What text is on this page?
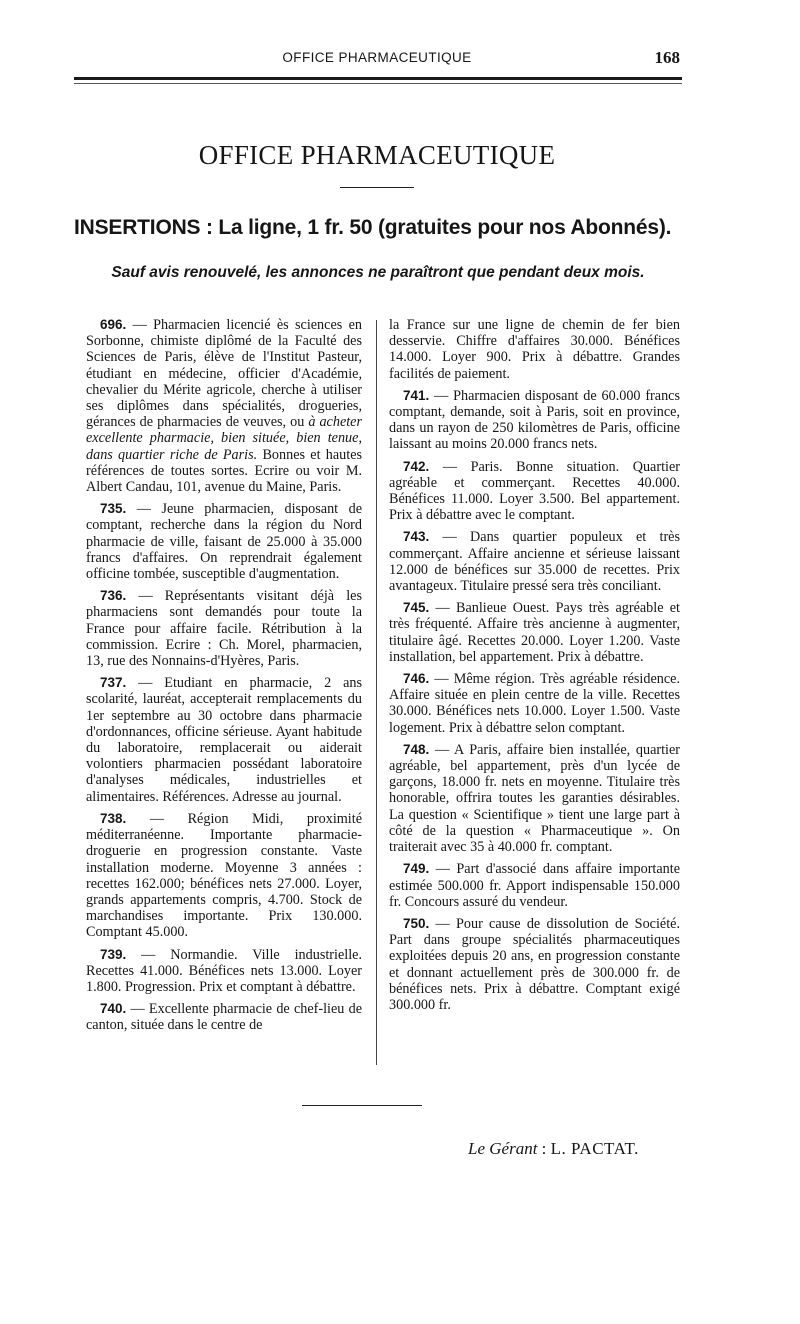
OFFICE PHARMACEUTIQUE	168
OFFICE PHARMACEUTIQUE
INSERTIONS : La ligne, 1 fr. 50 (gratuites pour nos Abonnés).
Sauf avis renouvelé, les annonces ne paraîtront que pendant deux mois.

696. — Pharmacien licencié ès sciences en Sorbonne, chimiste diplômé de la Faculté des Sciences de Paris, élève de l'Institut Pasteur, étudiant en médecine, officier d'Académie, chevalier du Mérite agricole, cherche à utiliser ses diplômes dans spécialités, drogueries, gérances de pharmacies de veuves, ou à acheter excellente pharmacie, bien située, bien tenue, dans quartier riche de Paris. Bonnes et hautes références de toutes sortes. Ecrire ou voir M. Albert Candau, 101, avenue du Maine, Paris.

735. — Jeune pharmacien, disposant de comptant, recherche dans la région du Nord pharmacie de ville, faisant de 25.000 à 35.000 francs d'affaires. On reprendrait également officine tombée, susceptible d'augmentation.

736. — Représentants visitant déjà les pharmaciens sont demandés pour toute la France pour affaire facile. Rétribution à la commission. Ecrire : Ch. Morel, pharmacien, 13, rue des Nonnains-d'Hyères, Paris.

737. — Etudiant en pharmacie, 2 ans scolarité, lauréat, accepterait remplacements du 1er septembre au 30 octobre dans pharmacie d'ordonnances, officine sérieuse. Ayant habitude du laboratoire, remplacerait ou aiderait volontiers pharmacien possédant laboratoire d'analyses médicales, industrielles et alimentaires. Références. Adresse au journal.

738. — Région Midi, proximité méditerranéenne. Importante pharmacie-droguerie en progression constante. Vaste installation moderne. Moyenne 3 années : recettes 162.000; bénéfices nets 27.000. Loyer, grands appartements compris, 4.700. Stock de marchandises importante. Prix 130.000. Comptant 45.000.

739. — Normandie. Ville industrielle. Recettes 41.000. Bénéfices nets 13.000. Loyer 1.800. Progression. Prix et comptant à débattre.

740. — Excellente pharmacie de chef-lieu de canton, située dans le centre de

la France sur une ligne de chemin de fer bien desservie. Chiffre d'affaires 30.000. Bénéfices 14.000. Loyer 900. Prix à débattre. Grandes facilités de paiement.

741. — Pharmacien disposant de 60.000 francs comptant, demande, soit à Paris, soit en province, dans un rayon de 250 kilomètres de Paris, officine laissant au moins 20.000 francs nets.

742. — Paris. Bonne situation. Quartier agréable et commerçant. Recettes 40.000. Bénéfices 11.000. Loyer 3.500. Bel appartement. Prix à débattre avec le comptant.

743. — Dans quartier populeux et très commerçant. Affaire ancienne et sérieuse laissant 12.000 de bénéfices sur 35.000 de recettes. Prix avantageux. Titulaire pressé sera très conciliant.

745. — Banlieue Ouest. Pays très agréable et très fréquenté. Affaire très ancienne à augmenter, titulaire âgé. Recettes 20.000. Loyer 1.200. Vaste installation, bel appartement. Prix à débattre.

746. — Même région. Très agréable résidence. Affaire située en plein centre de la ville. Recettes 30.000. Bénéfices nets 10.000. Loyer 1.500. Vaste logement. Prix à débattre selon comptant.

748. — A Paris, affaire bien installée, quartier agréable, bel appartement, près d'un lycée de garçons, 18.000 fr. nets en moyenne. Titulaire très honorable, offrira toutes les garanties désirables. La question « Scientifique » tient une large part à côté de la question « Pharmaceutique ». On traiterait avec 35 à 40.000 fr. comptant.

749. — Part d'associé dans affaire importante estimée 500.000 fr. Apport indispensable 150.000 fr. Concours assuré du vendeur.

750. — Pour cause de dissolution de Société. Part dans groupe spécialités pharmaceutiques exploitées depuis 20 ans, en progression constante et donnant actuellement près de 300.000 fr. de bénéfices nets. Prix à débattre. Comptant exigé 300.000 fr.

Le Gérant : L. PACTAT.
